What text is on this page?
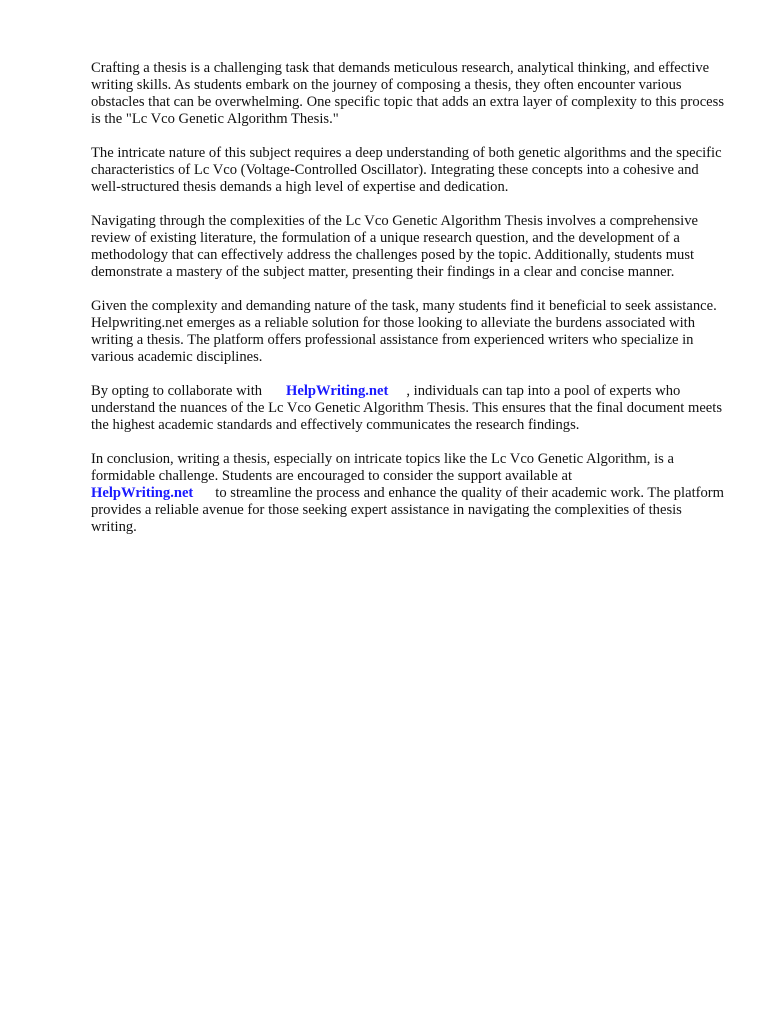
Crafting a thesis is a challenging task that demands meticulous research, analytical thinking, and effective writing skills. As students embark on the journey of composing a thesis, they often encounter various obstacles that can be overwhelming. One specific topic that adds an extra layer of complexity to this process is the "Lc Vco Genetic Algorithm Thesis."

The intricate nature of this subject requires a deep understanding of both genetic algorithms and the specific characteristics of Lc Vco (Voltage-Controlled Oscillator). Integrating these concepts into a cohesive and well-structured thesis demands a high level of expertise and dedication.

Navigating through the complexities of the Lc Vco Genetic Algorithm Thesis involves a comprehensive review of existing literature, the formulation of a unique research question, and the development of a methodology that can effectively address the challenges posed by the topic. Additionally, students must demonstrate a mastery of the subject matter, presenting their findings in a clear and concise manner.

Given the complexity and demanding nature of the task, many students find it beneficial to seek assistance. Helpwriting.net emerges as a reliable solution for those looking to alleviate the burdens associated with writing a thesis. The platform offers professional assistance from experienced writers who specialize in various academic disciplines.

By opting to collaborate with HelpWriting.net , individuals can tap into a pool of experts who understand the nuances of the Lc Vco Genetic Algorithm Thesis. This ensures that the final document meets the highest academic standards and effectively communicates the research findings.

In conclusion, writing a thesis, especially on intricate topics like the Lc Vco Genetic Algorithm, is a formidable challenge. Students are encouraged to consider the support available at
HelpWriting.net to streamline the process and enhance the quality of their academic work. The platform provides a reliable avenue for those seeking expert assistance in navigating the complexities of thesis writing.
